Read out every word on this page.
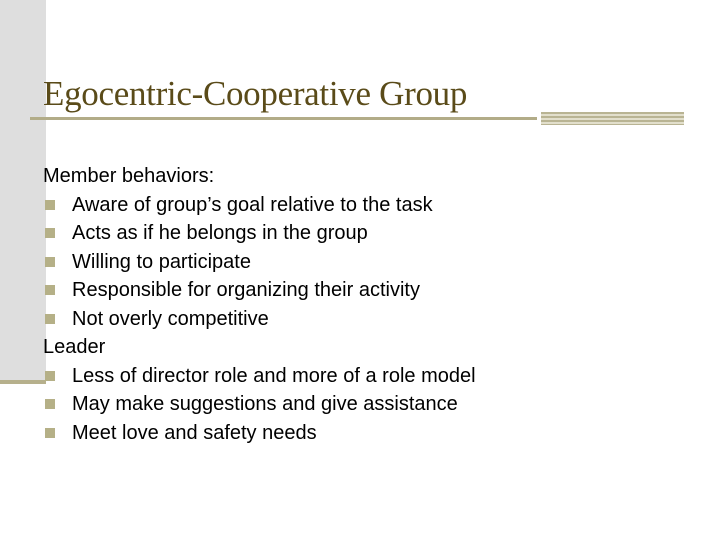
Egocentric-Cooperative Group
Member behaviors:
Aware of group’s goal relative to the task
Acts as if he belongs in the group
Willing to participate
Responsible for organizing their activity
Not overly competitive
Leader
Less of director role and more of a role model
May make suggestions and give assistance
Meet love and safety needs
